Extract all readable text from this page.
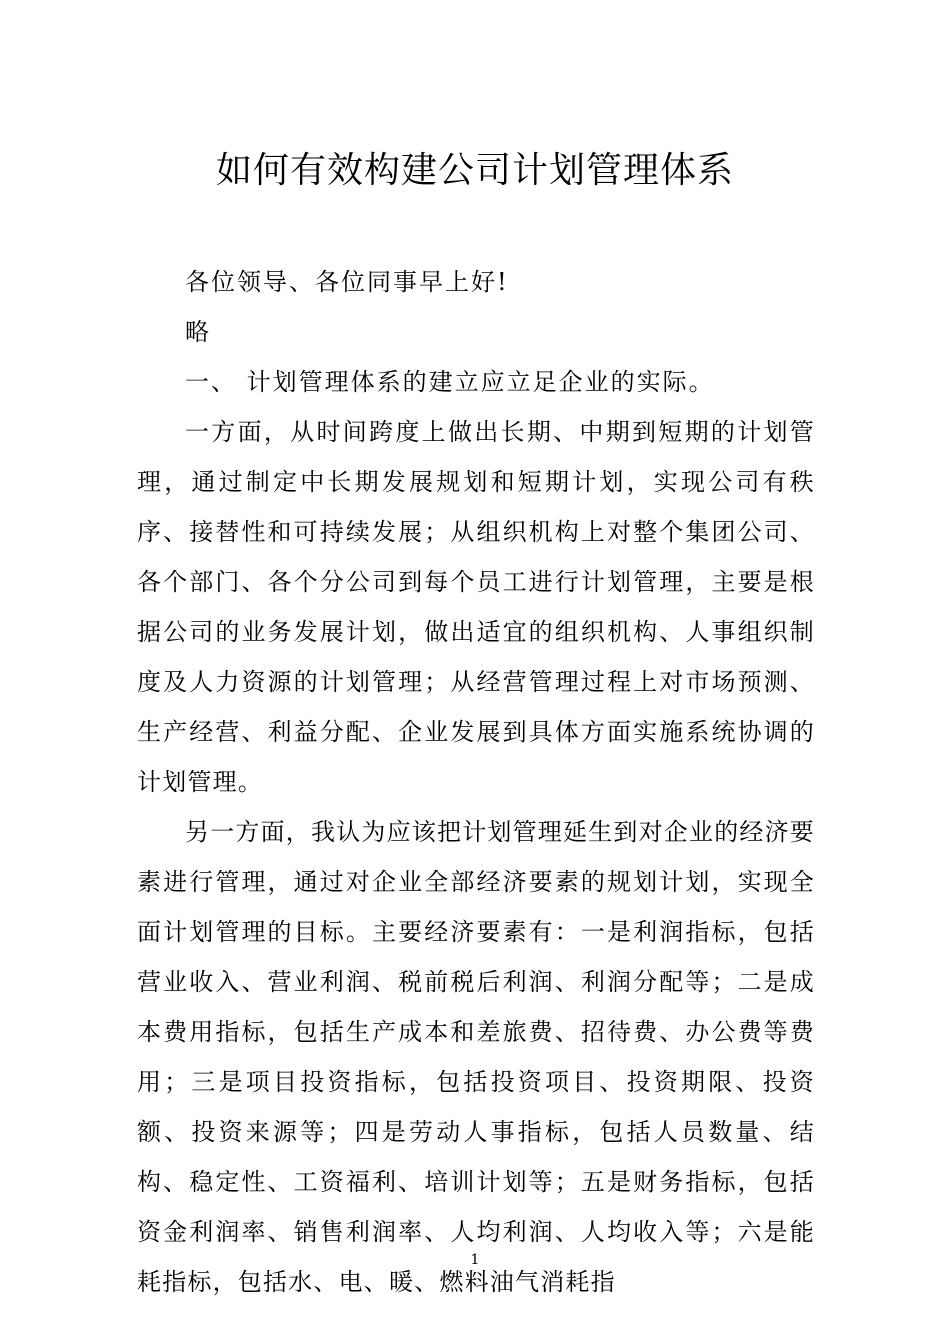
如何有效构建公司计划管理体系

各位领导、各位同事早上好!

略

一、 计划管理体系的建立应立足企业的实际。

一方面，从时间跨度上做出长期、中期到短期的计划管理，通过制定中长期发展规划和短期计划，实现公司有秩序、接替性和可持续发展；从组织机构上对整个集团公司、各个部门、各个分公司到每个员工进行计划管理，主要是根据公司的业务发展计划，做出适宜的组织机构、人事组织制度及人力资源的计划管理；从经营管理过程上对市场预测、生产经营、利益分配、企业发展到具体方面实施系统协调的计划管理。

另一方面，我认为应该把计划管理延生到对企业的经济要素进行管理，通过对企业全部经济要素的规划计划，实现全面计划管理的目标。主要经济要素有：一是利润指标，包括营业收入、营业利润、税前税后利润、利润分配等；二是成本费用指标，包括生产成本和差旅费、招待费、办公费等费用；三是项目投资指标，包括投资项目、投资期限、投资额、投资来源等；四是劳动人事指标，包括人员数量、结构、稳定性、工资福利、培训计划等；五是财务指标，包括资金利润率、销售利润率、人均利润、人均收入等；六是能耗指标，包括水、电、暖、燃料油气消耗指

1
